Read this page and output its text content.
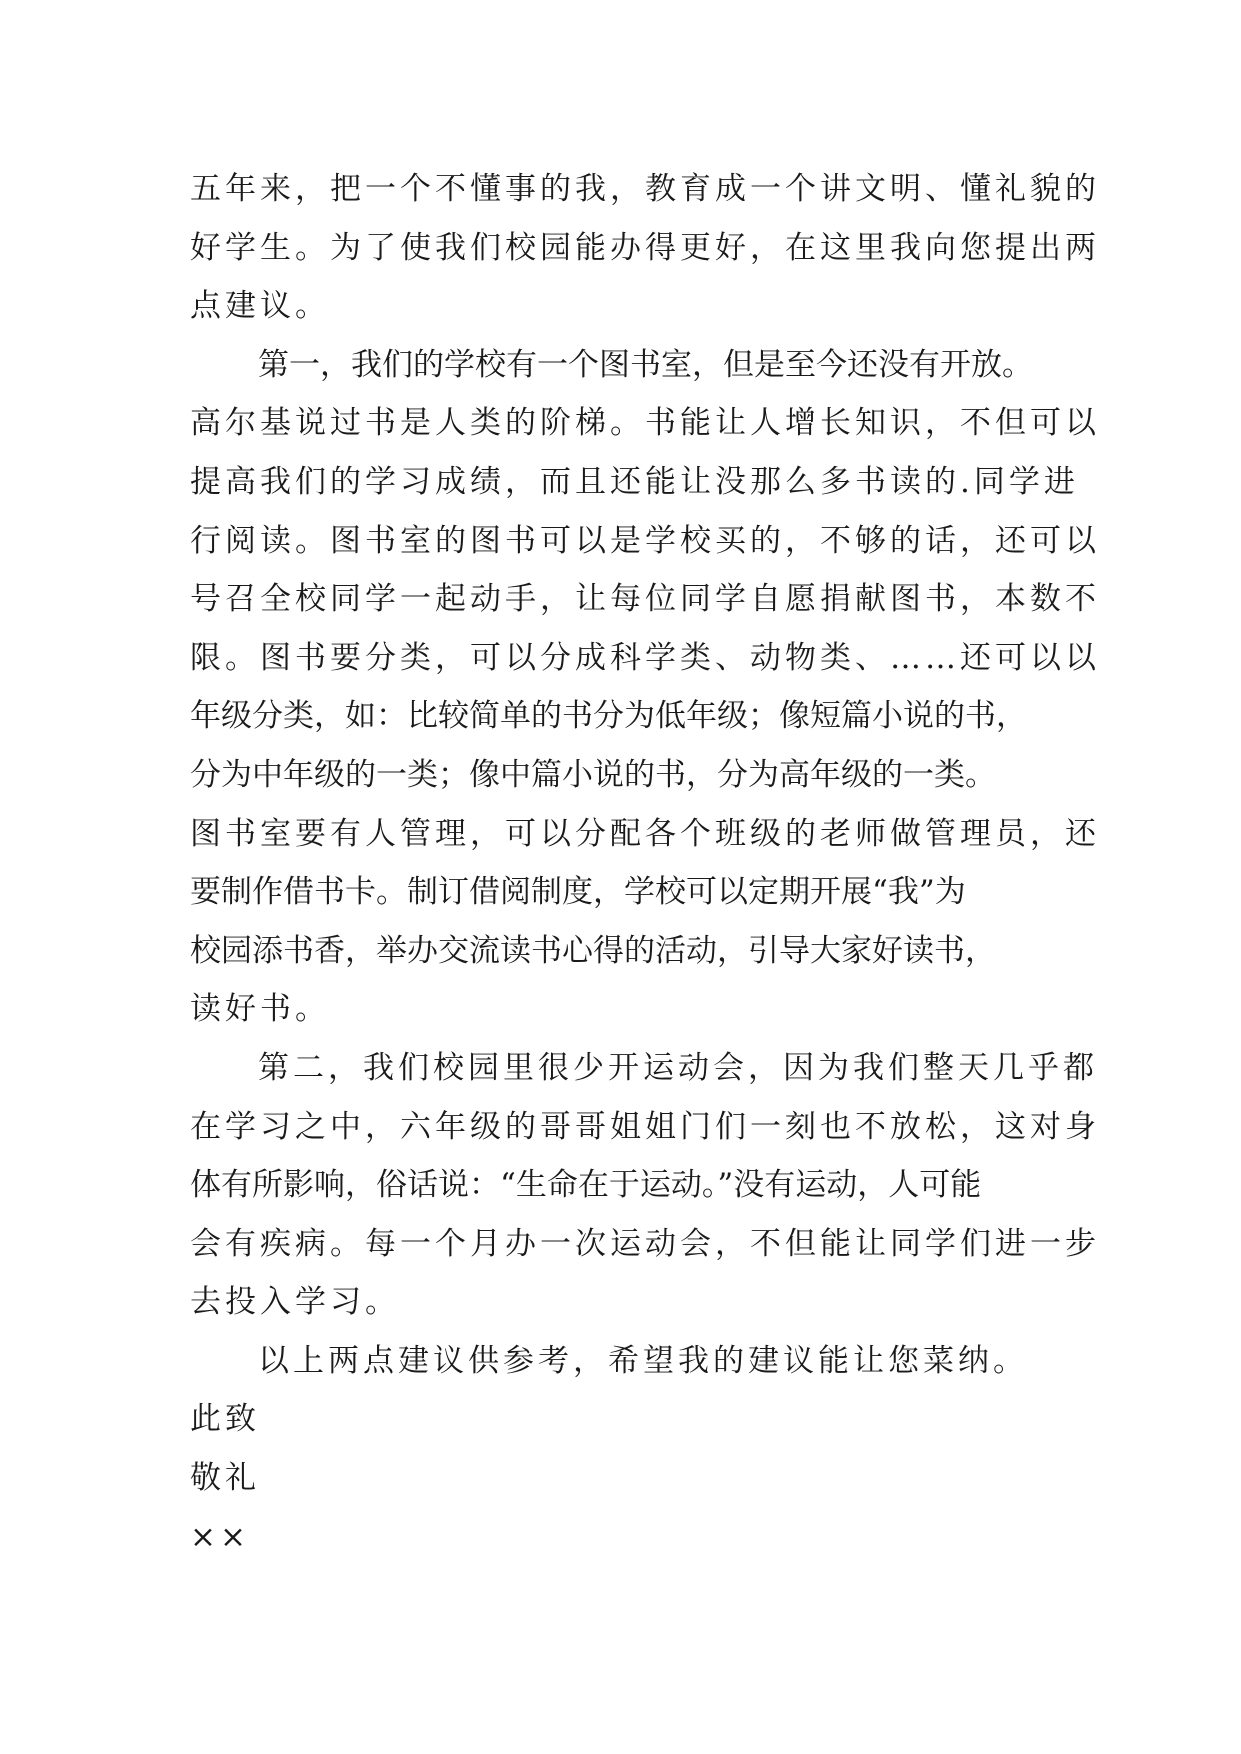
五年来，把一个不懂事的我，教育成一个讲文明、懂礼貌的
好学生。为了使我们校园能办得更好，在这里我向您提出两
点建议。
第一，我们的学校有一个图书室，但是至今还没有开放。
高尔基说过书是人类的阶梯。书能让人增长知识，不但可以
提高我们的学习成绩，而且还能让没那么多书读的.同学进
行阅读。图书室的图书可以是学校买的，不够的话，还可以
号召全校同学一起动手，让每位同学自愿捐献图书，本数不
限。图书要分类，可以分成科学类、动物类、……还可以以
年级分类，如：比较简单的书分为低年级；像短篇小说的书，
分为中年级的一类；像中篇小说的书，分为高年级的一类。
图书室要有人管理，可以分配各个班级的老师做管理员，还
要制作借书卡。制订借阅制度，学校可以定期开展“我”为
校园添书香，举办交流读书心得的活动，引导大家好读书，
读好书。
第二，我们校园里很少开运动会，因为我们整天几乎都
在学习之中，六年级的哥哥姐姐门们一刻也不放松，这对身
体有所影响，俗话说：“生命在于运动。”没有运动，人可能
会有疾病。每一个月办一次运动会，不但能让同学们进一步
去投入学习。
以上两点建议供参考，希望我的建议能让您菜纳。
此致
敬礼
××
